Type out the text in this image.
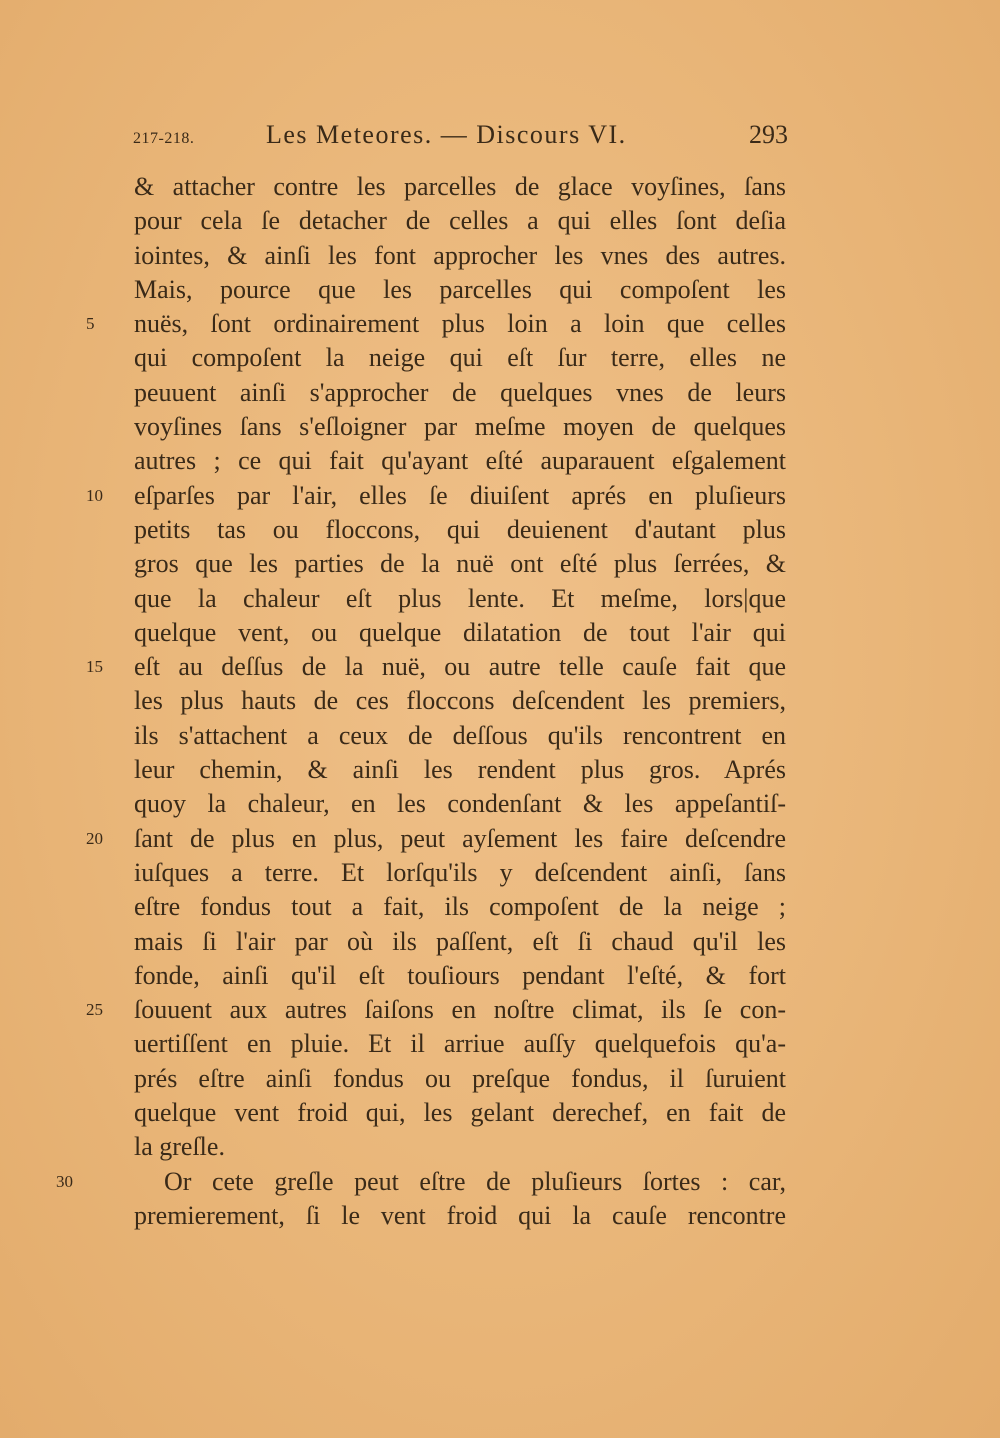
217-218.	Les Meteores. — Discours VI.	293
& attacher contre les parcelles de glace voyſines, ſans
pour cela ſe detacher de celles a qui elles ſont deſia
iointes, & ainſi les font approcher les vnes des autres.
Mais, pource que les parcelles qui compoſent les
nuës, ſont ordinairement plus loin a loin que celles
5
qui compoſent la neige qui eſt ſur terre, elles ne
peuuent ainſi s'approcher de quelques vnes de leurs
voyſines ſans s'eſloigner par meſme moyen de quelques
autres ; ce qui fait qu'ayant eſté auparauent eſgalement
eſparſes par l'air, elles ſe diuiſent aprés en pluſieurs
10
petits tas ou floccons, qui deuienent d'autant plus
gros que les parties de la nuë ont eſté plus ſerrées, &
que la chaleur eſt plus lente. Et meſme, lors|que
quelque vent, ou quelque dilatation de tout l'air qui
eſt au deſſus de la nuë, ou autre telle cauſe fait que
15
les plus hauts de ces floccons deſcendent les premiers,
ils s'attachent a ceux de deſſous qu'ils rencontrent en
leur chemin, & ainſi les rendent plus gros. Aprés
quoy la chaleur, en les condenſant & les appeſantiſ-
ſant de plus en plus, peut ayſement les faire deſcendre
20
iuſques a terre. Et lorſqu'ils y deſcendent ainſi, ſans
eſtre fondus tout a fait, ils compoſent de la neige ;
mais ſi l'air par où ils paſſent, eſt ſi chaud qu'il les
fonde, ainſi qu'il eſt touſiours pendant l'eſté, & fort
ſouuent aux autres ſaiſons en noſtre climat, ils ſe con-
25
uertiſſent en pluie. Et il arriue auſſy quelquefois qu'a-
prés eſtre ainſi fondus ou preſque fondus, il ſuruient
quelque vent froid qui, les gelant derechef, en fait de
la greſle.
Or cete greſle peut eſtre de pluſieurs ſortes : car,
30
premierement, ſi le vent froid qui la cauſe rencontre
